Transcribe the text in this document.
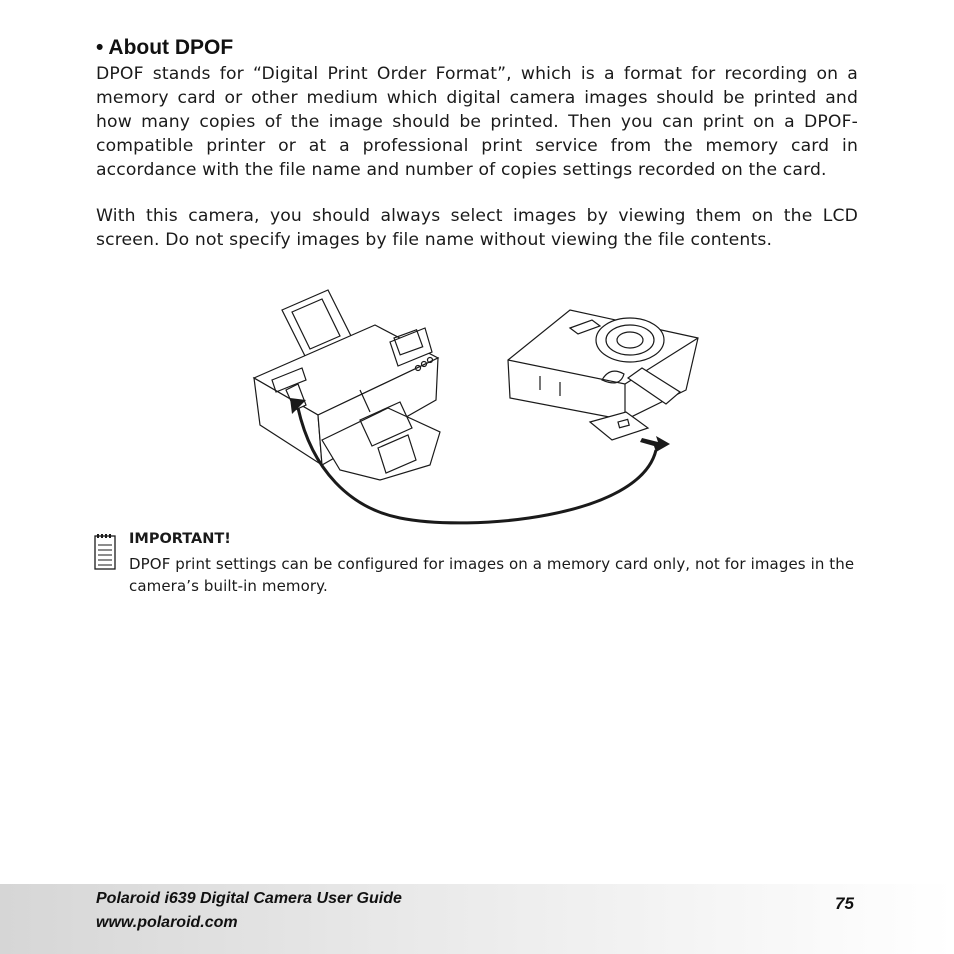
• About DPOF
DPOF stands for “Digital Print Order Format”, which is a format for recording on a memory card or other medium which digital camera images should be printed and how many copies of the image should be printed. Then you can print on a DPOF-compatible printer or at a professional print service from the memory card in accordance with the file name and number of copies settings recorded on the card.
With this camera, you should always select images by viewing them on the LCD screen. Do not specify images by file name without viewing the file contents.
IMPORTANT!
DPOF print settings can be configured for images on a memory card only, not for images in the camera’s built-in memory.
Polaroid i639 Digital Camera User Guide
www.polaroid.com
75
